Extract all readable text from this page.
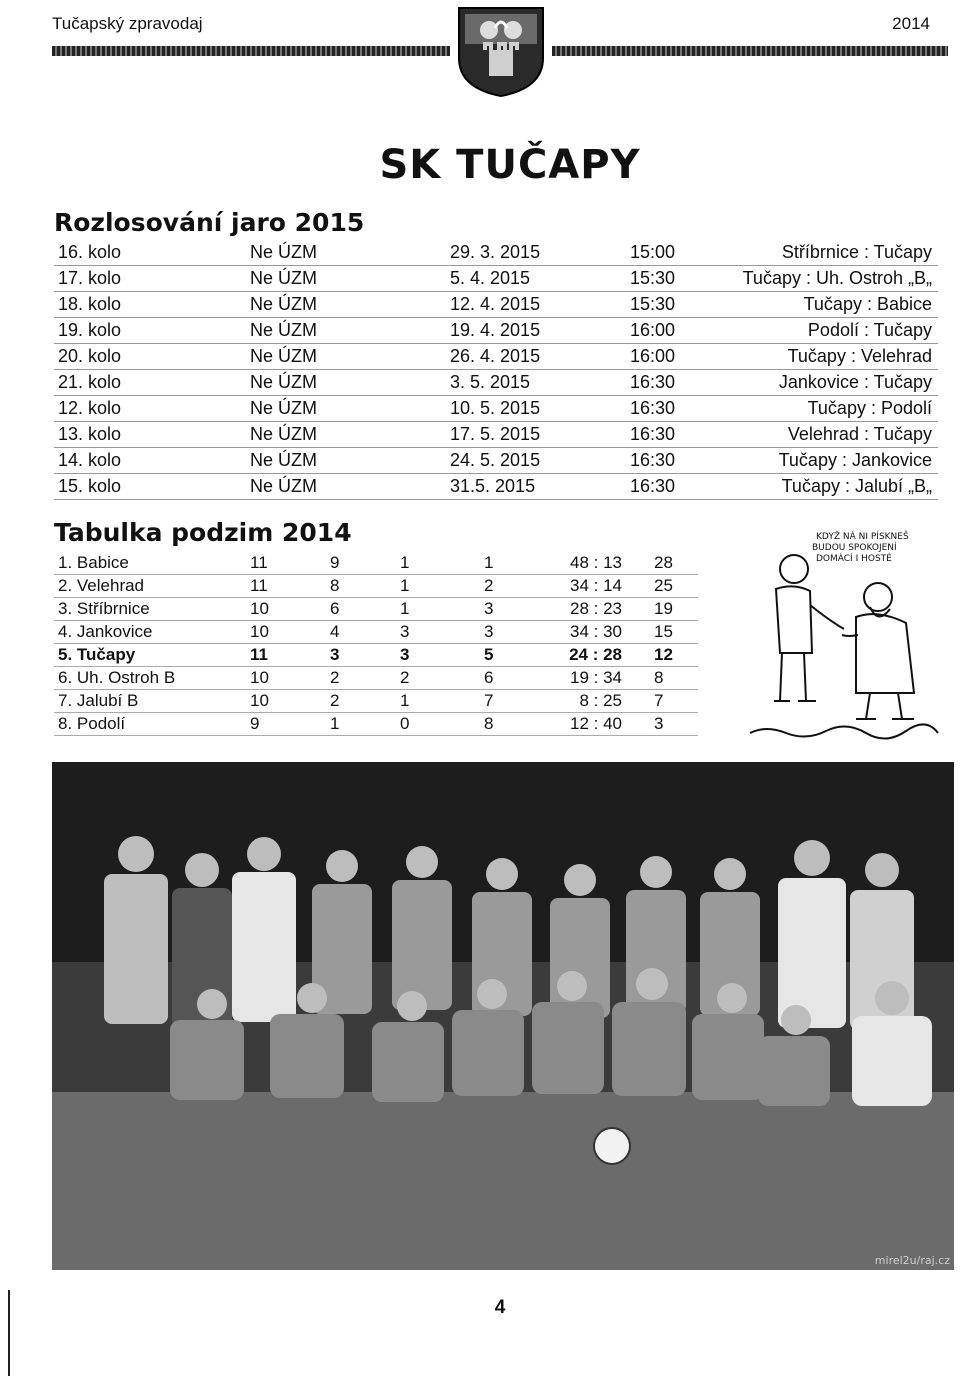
Tučapský zpravodaj	2014
SK TUČAPY
Rozlosování jaro 2015
16. kolo	Ne ÚZM	29. 3. 2015	15:00	Stříbrnice : Tučapy
17. kolo	Ne ÚZM	5. 4. 2015	15:30	Tučapy : Uh. Ostroh „B„
18. kolo	Ne ÚZM	12. 4. 2015	15:30	Tučapy : Babice
19. kolo	Ne ÚZM	19. 4. 2015	16:00	Podolí : Tučapy
20. kolo	Ne ÚZM	26. 4. 2015	16:00	Tučapy : Velehrad
21. kolo	Ne ÚZM	3. 5. 2015	16:30	Jankovice : Tučapy
12. kolo	Ne ÚZM	10. 5. 2015	16:30	Tučapy : Podolí
13. kolo	Ne ÚZM	17. 5. 2015	16:30	Velehrad : Tučapy
14. kolo	Ne ÚZM	24. 5. 2015	16:30	Tučapy : Jankovice
15. kolo	Ne ÚZM	31.5. 2015	16:30	Tučapy : Jalubí „B„
Tabulka podzim 2014
1. Babice	11	9	1	1	48 : 13 28
2. Velehrad	11	8	1	2	34 : 14 25
3. Stříbrnice	10	6	1	3	28 : 23 19
4. Jankovice	10	4	3	3	34 : 30 15
5. Tučapy	11	3	3	5	24 : 28 12
6. Uh. Ostroh B	10	2	2	6	19 : 34 8
7. Jalubí B	10	2	1	7	8 : 25 7
8. Podolí	9	1	0	8	12 : 40 3
KDYŽ NÁ NI PÍSKNEŠ
BUDOU SPOKOJENÍ
DOMÁCÍ I HOSTÉ
mirel2u/raj.cz
4
